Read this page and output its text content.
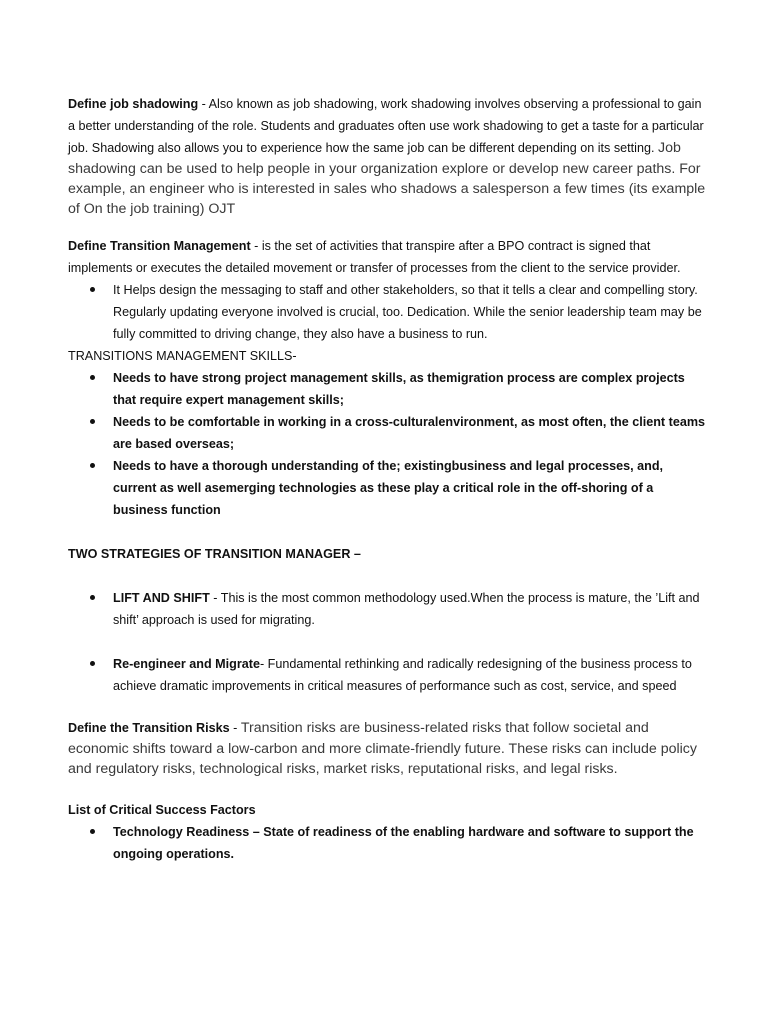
Define job shadowing - Also known as job shadowing, work shadowing involves observing a professional to gain a better understanding of the role. Students and graduates often use work shadowing to get a taste for a particular job. Shadowing also allows you to experience how the same job can be different depending on its setting. Job shadowing can be used to help people in your organization explore or develop new career paths. For example, an engineer who is interested in sales who shadows a salesperson a few times (its example of On the job training) OJT

Define Transition Management - is the set of activities that transpire after a BPO contract is signed that implements or executes the detailed movement or transfer of processes from the client to the service provider.

It Helps design the messaging to staff and other stakeholders, so that it tells a clear and compelling story. Regularly updating everyone involved is crucial, too. Dedication. While the senior leadership team may be fully committed to driving change, they also have a business to run.

TRANSITIONS MANAGEMENT SKILLS-

Needs to have strong project management skills, as themigration process are complex projects that require expert management skills;
Needs to be comfortable in working in a cross-culturalenvironment, as most often, the client teams are based overseas;
Needs to have a thorough understanding of the; existingbusiness and legal processes, and, current as well asemerging technologies as these play a critical role in the off-shoring of a business function

TWO STRATEGIES OF TRANSITION MANAGER –

LIFT AND SHIFT - This is the most common methodology used.When the process is mature, the ’Lift and shift’ approach is used for migrating.
Re-engineer and Migrate- Fundamental rethinking and radically redesigning of the business process to achieve dramatic improvements in critical measures of performance such as cost, service, and speed

Define the Transition Risks - Transition risks are business-related risks that follow societal and economic shifts toward a low-carbon and more climate-friendly future. These risks can include policy and regulatory risks, technological risks, market risks, reputational risks, and legal risks.

List of Critical Success Factors

Technology Readiness – State of readiness of the enabling hardware and software to support the ongoing operations.
